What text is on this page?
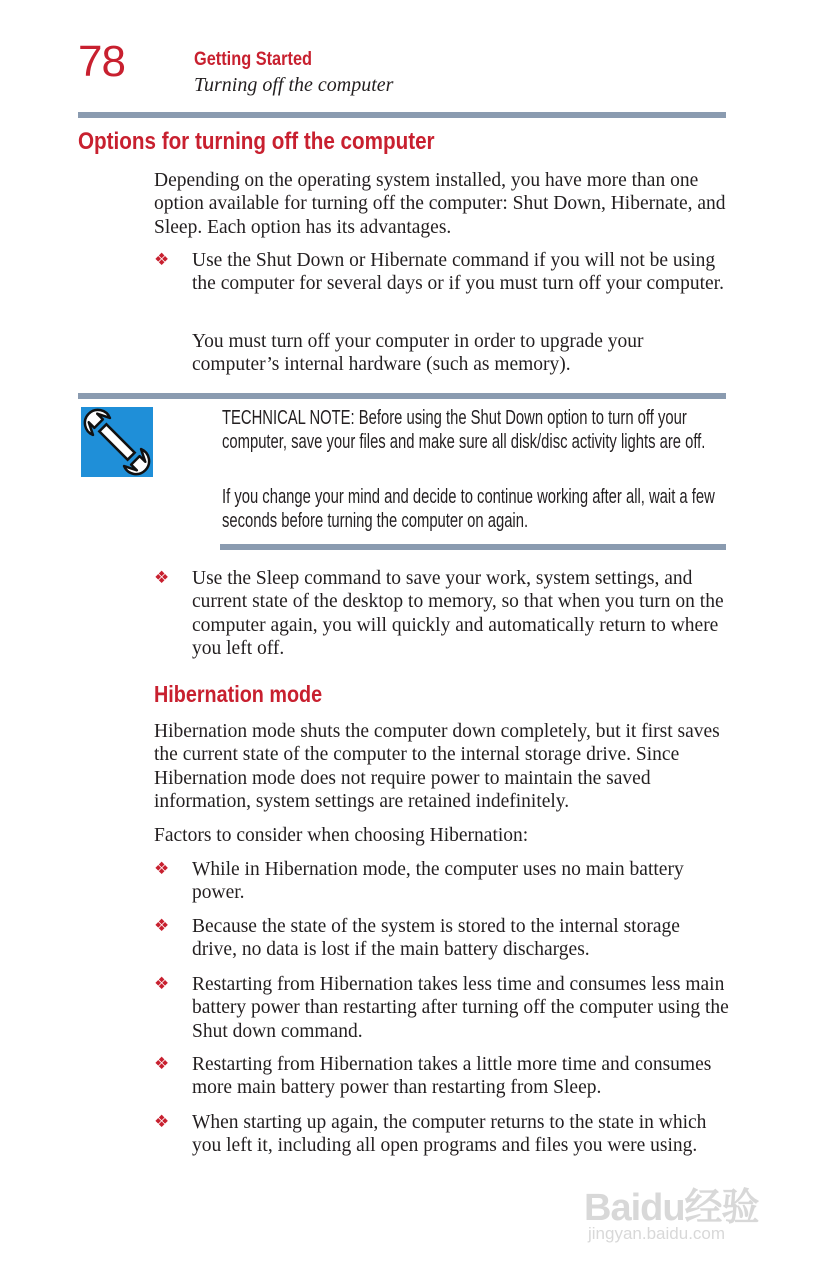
78	Getting Started
Turning off the computer
Options for turning off the computer

Depending on the operating system installed, you have more than one option available for turning off the computer: Shut Down, Hibernate, and Sleep. Each option has its advantages.

❖ Use the Shut Down or Hibernate command if you will not be using the computer for several days or if you must turn off your computer.

You must turn off your computer in order to upgrade your computer’s internal hardware (such as memory).

TECHNICAL NOTE: Before using the Shut Down option to turn off your computer, save your files and make sure all disk/disc activity lights are off.

If you change your mind and decide to continue working after all, wait a few seconds before turning the computer on again.

❖ Use the Sleep command to save your work, system settings, and current state of the desktop to memory, so that when you turn on the computer again, you will quickly and automatically return to where you left off.
Hibernation mode

Hibernation mode shuts the computer down completely, but it first saves the current state of the computer to the internal storage drive. Since Hibernation mode does not require power to maintain the saved information, system settings are retained indefinitely.

Factors to consider when choosing Hibernation:

❖ While in Hibernation mode, the computer uses no main battery power.
❖ Because the state of the system is stored to the internal storage drive, no data is lost if the main battery discharges.
❖ Restarting from Hibernation takes less time and consumes less main battery power than restarting after turning off the computer using the Shut down command.
❖ Restarting from Hibernation takes a little more time and consumes more main battery power than restarting from Sleep.
❖ When starting up again, the computer returns to the state in which you left it, including all open programs and files you were using.
Baidu经验
jingyan.baidu.com
